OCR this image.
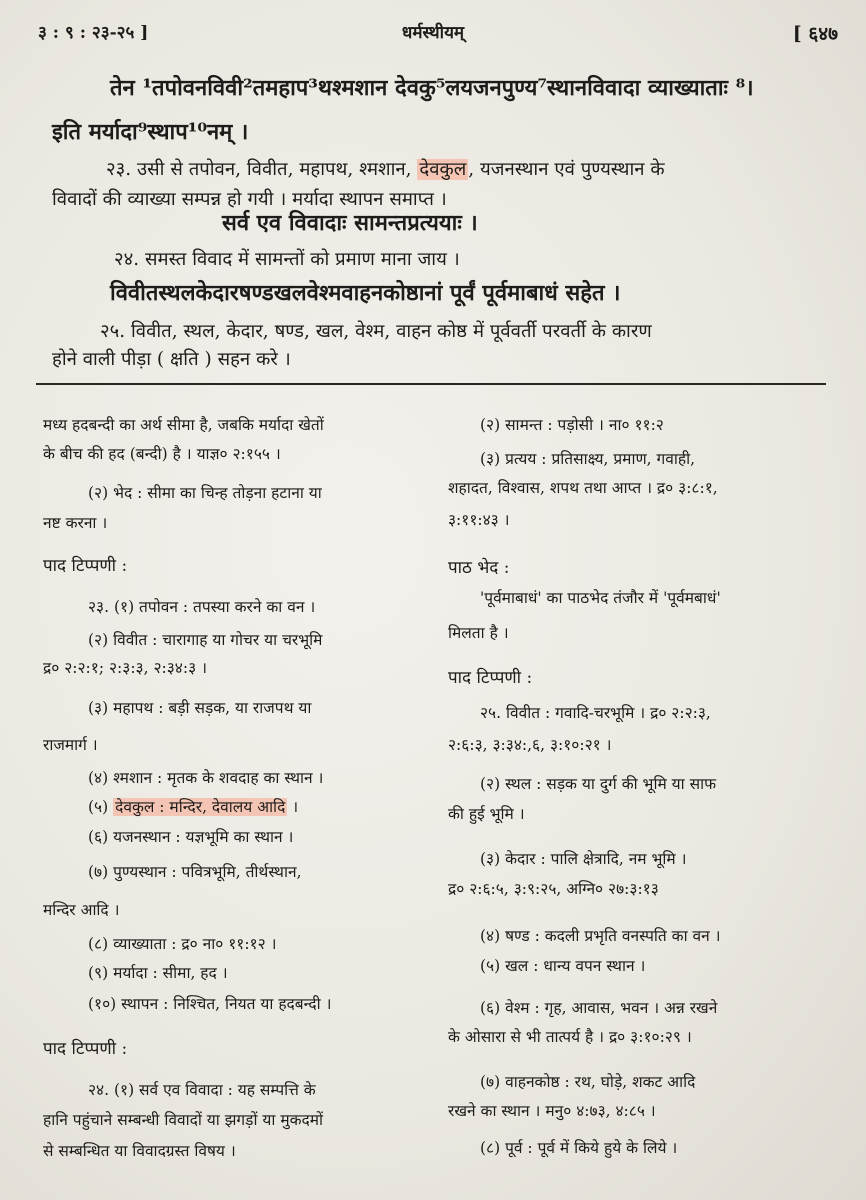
३ : ९ : २३-२५ ]	धर्मस्थीयम्	[ ६४७
तेन ¹तपोवनविवी²तमहाप³थश्मशान देवकु⁵लयजनपुण्य⁷स्थानविवादा व्याख्याताः ⁸।
इति मर्यादा⁹स्थाप¹⁰नम् ।
२३. उसी से तपोवन, विवीत, महापथ, श्मशान, देवकुल , यजनस्थान एवं पुण्यस्थान के
विवादों की व्याख्या सम्पन्न हो गयी । मर्यादा स्थापन समाप्त ।
सर्व एव विवादाः सामन्तप्रत्ययाः ।
२४. समस्त विवाद में सामन्तों को प्रमाण माना जाय ।
विवीतस्थलकेदारषण्डखलवेश्मवाहनकोष्ठानां पूर्वं पूर्वमाबाधं सहेत ।
२५. विवीत, स्थल, केदार, षण्ड, खल, वेश्म, वाहन कोष्ठ में पूर्ववर्ती परवर्ती के कारण
होने वाली पीड़ा ( क्षति ) सहन करे ।
मध्य हदबन्दी का अर्थ सीमा है, जबकि मर्यादा खेतों
के बीच की हद (बन्दी) है । याज्ञ० २:१५५ ।
(२) भेद : सीमा का चिन्ह तोड़ना हटाना या
नष्ट करना ।
पाद टिप्पणी :
२३. (१) तपोवन : तपस्या करने का वन ।
(२) विवीत : चारागाह या गोचर या चरभूमि
द्र० २:२:१; २:३:३, २:३४:३ ।
(३) महापथ : बड़ी सड़क, या राजपथ या
राजमार्ग ।
(४) श्मशान : मृतक के शवदाह का स्थान ।
(५) देवकुल : मन्दिर, देवालय आदि ।
(६) यजनस्थान : यज्ञभूमि का स्थान ।
(७) पुण्यस्थान : पवित्रभूमि, तीर्थस्थान,
मन्दिर आदि ।
(८) व्याख्याता : द्र० ना० ११:१२ ।
(९) मर्यादा : सीमा, हद ।
(१०) स्थापन : निश्चित, नियत या हदबन्दी ।
पाद टिप्पणी :
२४. (१) सर्व एव विवादा : यह सम्पत्ति के
हानि पहुंचाने सम्बन्धी विवादों या झगड़ों या मुकदमों
से सम्बन्धित या विवादग्रस्त विषय ।
(२) सामन्त : पड़ोसी । ना० ११:२
(३) प्रत्यय : प्रतिसाक्ष्य, प्रमाण, गवाही,
शहादत, विश्वास, शपथ तथा आप्त । द्र० ३:८:१,
३:११:४३ ।
पाठ भेद :
'पूर्वमाबाधं' का पाठभेद तंजौर में 'पूर्वमबाधं'
मिलता है ।
पाद टिप्पणी :
२५. विवीत : गवादि-चरभूमि । द्र० २:२:३,
२:६:३, ३:३४:,६, ३:१०:२१ ।
(२) स्थल : सड़क या दुर्ग की भूमि या साफ
की हुई भूमि ।
(३) केदार : पालि क्षेत्रादि, नम भूमि ।
द्र० २:६:५, ३:९:२५, अग्नि० २७:३:१३
(४) षण्ड : कदली प्रभृति वनस्पति का वन ।
(५) खल : धान्य वपन स्थान ।
(६) वेश्म : गृह, आवास, भवन । अन्न रखने
के ओसारा से भी तात्पर्य है । द्र० ३:१०:२९ ।
(७) वाहनकोष्ठ : रथ, घोड़े, शकट आदि
रखने का स्थान । मनु० ४:७३, ४:८५ ।
(८) पूर्व : पूर्व में किये हुये के लिये ।
